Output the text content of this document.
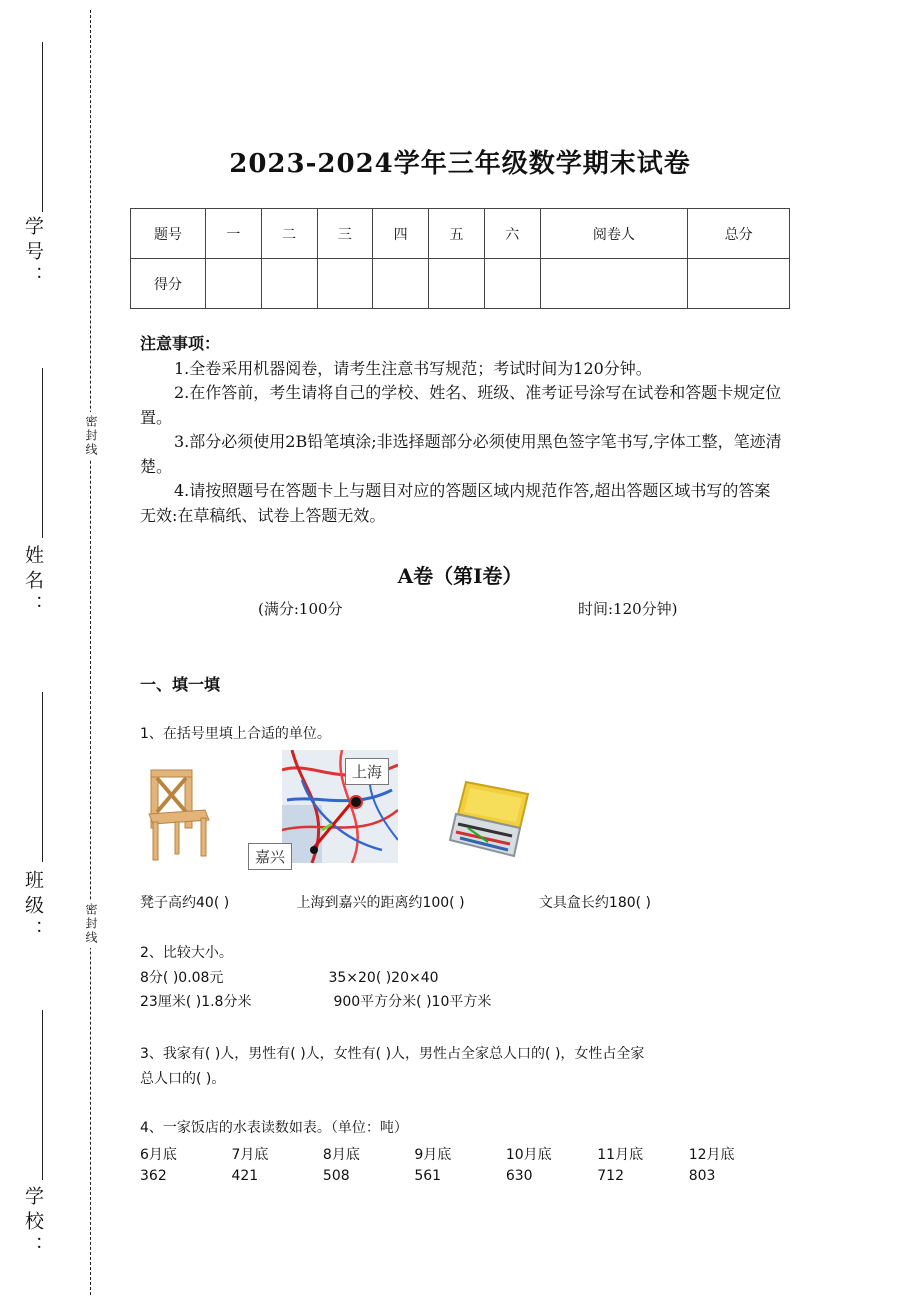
学号：
姓名：
班级：
学校：
密封线
密封线
2023-2024学年三年级数学期末试卷
题号	一	二	三	四	五	六	阅卷人	总分
得分								
注意事项：

1.全卷采用机器阅卷，请考生注意书写规范；考试时间为120分钟。

2.在作答前，考生请将自己的学校、姓名、班级、准考证号涂写在试卷和答题卡规定位置。

3.部分必须使用2B铅笔填涂;非选择题部分必须使用黑色签字笔书写,字体工整，笔迹清楚。

4.请按照题号在答题卡上与题目对应的答题区域内规范作答,超出答题区域书写的答案无效:在草稿纸、试卷上答题无效。

A卷（第Ⅰ卷）
(满分:100分	时间:120分钟)
一、填一填
1、在括号里填上合适的单位。
上海
嘉兴
凳子高约40( )	上海到嘉兴的距离约100( )	文具盒长约180( )
2、比较大小。
8分( )0.08元	35×20( )20×40
23厘米( )1.8分米	900平方分米( )10平方米
3、我家有( )人，男性有( )人，女性有( )人，男性占全家总人口的( )，女性占全家
总人口的( )。
4、一家饭店的水表读数如表。（单位：吨）
6月底	7月底	8月底	9月底	10月底	11月底	12月底
362	421	508	561	630	712	803
